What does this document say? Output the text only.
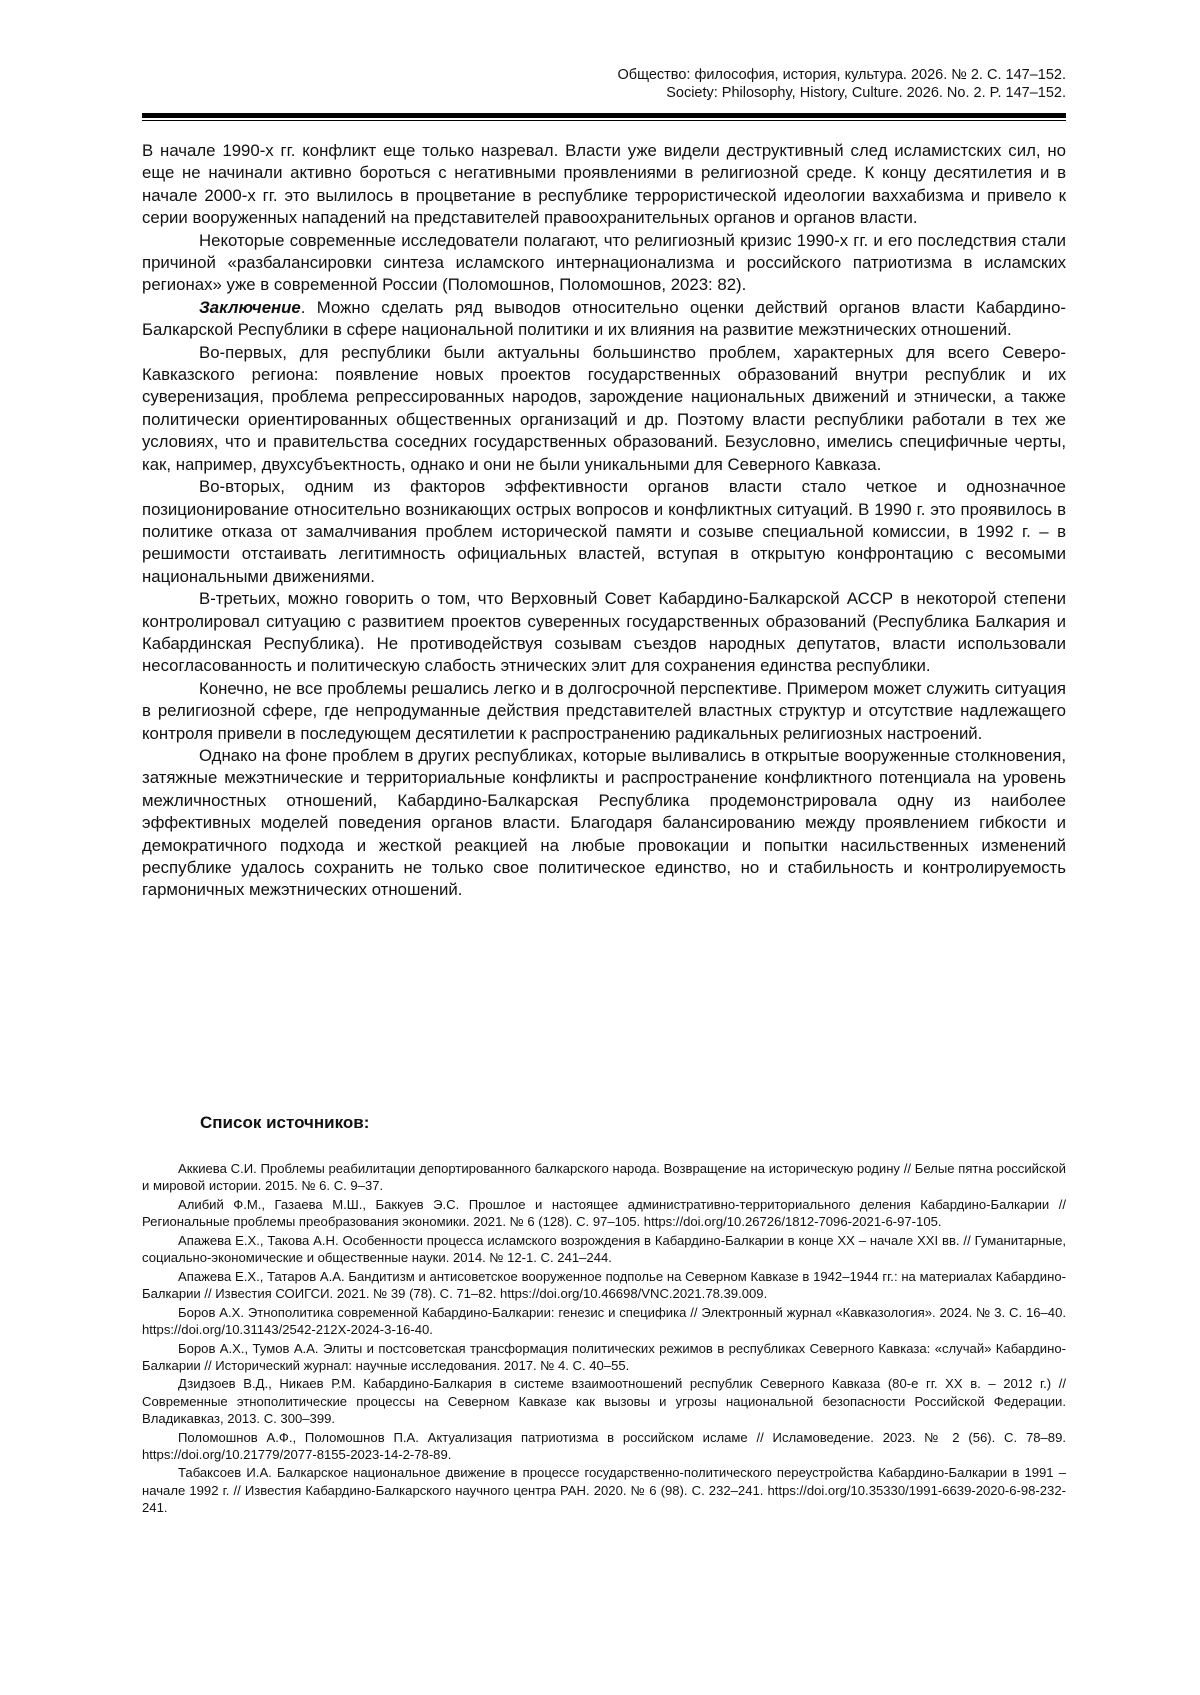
Общество: философия, история, культура. 2026. № 2. С. 147–152.
Society: Philosophy, History, Culture. 2026. No. 2. P. 147–152.

В начале 1990-х гг. конфликт еще только назревал. Власти уже видели деструктивный след исламистских сил, но еще не начинали активно бороться с негативными проявлениями в религиозной среде. К концу десятилетия и в начале 2000-х гг. это вылилось в процветание в республике террористической идеологии ваххабизма и привело к серии вооруженных нападений на представителей правоохранительных органов и органов власти.

Некоторые современные исследователи полагают, что религиозный кризис 1990-х гг. и его последствия стали причиной «разбалансировки синтеза исламского интернационализма и российского патриотизма в исламских регионах» уже в современной России (Поломошнов, Поломошнов, 2023: 82).

Заключение. Можно сделать ряд выводов относительно оценки действий органов власти Кабардино-Балкарской Республики в сфере национальной политики и их влияния на развитие межэтнических отношений.

Во-первых, для республики были актуальны большинство проблем, характерных для всего Северо-Кавказского региона: появление новых проектов государственных образований внутри республик и их суверенизация, проблема репрессированных народов, зарождение национальных движений и этнически, а также политически ориентированных общественных организаций и др. Поэтому власти республики работали в тех же условиях, что и правительства соседних государственных образований. Безусловно, имелись специфичные черты, как, например, двухсубъектность, однако и они не были уникальными для Северного Кавказа.

Во-вторых, одним из факторов эффективности органов власти стало четкое и однозначное позиционирование относительно возникающих острых вопросов и конфликтных ситуаций. В 1990 г. это проявилось в политике отказа от замалчивания проблем исторической памяти и созыве специальной комиссии, в 1992 г. – в решимости отстаивать легитимность официальных властей, вступая в открытую конфронтацию с весомыми национальными движениями.

В-третьих, можно говорить о том, что Верховный Совет Кабардино-Балкарской АССР в некоторой степени контролировал ситуацию с развитием проектов суверенных государственных образований (Республика Балкария и Кабардинская Республика). Не противодействуя созывам съездов народных депутатов, власти использовали несогласованность и политическую слабость этнических элит для сохранения единства республики.

Конечно, не все проблемы решались легко и в долгосрочной перспективе. Примером может служить ситуация в религиозной сфере, где непродуманные действия представителей властных структур и отсутствие надлежащего контроля привели в последующем десятилетии к распространению радикальных религиозных настроений.

Однако на фоне проблем в других республиках, которые выливались в открытые вооруженные столкновения, затяжные межэтнические и территориальные конфликты и распространение конфликтного потенциала на уровень межличностных отношений, Кабардино-Балкарская Республика продемонстрировала одну из наиболее эффективных моделей поведения органов власти. Благодаря балансированию между проявлением гибкости и демократичного подхода и жесткой реакцией на любые провокации и попытки насильственных изменений республике удалось сохранить не только свое политическое единство, но и стабильность и контролируемость гармоничных межэтнических отношений.

Список источников:

Аккиева С.И. Проблемы реабилитации депортированного балкарского народа. Возвращение на историческую родину // Белые пятна российской и мировой истории. 2015. № 6. С. 9–37.

Алибий Ф.М., Газаева М.Ш., Баккуев Э.С. Прошлое и настоящее административно-территориального деления Кабардино-Балкарии // Региональные проблемы преобразования экономики. 2021. № 6 (128). С. 97–105. https://doi.org/10.26726/1812-7096-2021-6-97-105.

Апажева Е.Х., Такова А.Н. Особенности процесса исламского возрождения в Кабардино-Балкарии в конце XX – начале XXI вв. // Гуманитарные, социально-экономические и общественные науки. 2014. № 12-1. С. 241–244.

Апажева Е.Х., Татаров А.А. Бандитизм и антисоветское вооруженное подполье на Северном Кавказе в 1942–1944 гг.: на материалах Кабардино-Балкарии // Известия СОИГСИ. 2021. № 39 (78). С. 71–82. https://doi.org/10.46698/VNC.2021.78.39.009.

Боров А.Х. Этнополитика современной Кабардино-Балкарии: генезис и специфика // Электронный журнал «Кавказология». 2024. № 3. С. 16–40. https://doi.org/10.31143/2542-212X-2024-3-16-40.

Боров А.Х., Тумов А.А. Элиты и постсоветская трансформация политических режимов в республиках Северного Кавказа: «случай» Кабардино-Балкарии // Исторический журнал: научные исследования. 2017. № 4. С. 40–55.

Дзидзоев В.Д., Никаев Р.М. Кабардино-Балкария в системе взаимоотношений республик Северного Кавказа (80-е гг. XX в. – 2012 г.) // Современные этнополитические процессы на Северном Кавказе как вызовы и угрозы национальной безопасности Российской Федерации. Владикавказ, 2013. С. 300–399.

Поломошнов А.Ф., Поломошнов П.А. Актуализация патриотизма в российском исламе // Исламоведение. 2023. № 2 (56). С. 78–89. https://doi.org/10.21779/2077-8155-2023-14-2-78-89.

Табаксоев И.А. Балкарское национальное движение в процессе государственно-политического переустройства Кабардино-Балкарии в 1991 – начале 1992 г. // Известия Кабардино-Балкарского научного центра РАН. 2020. № 6 (98). С. 232–241. https://doi.org/10.35330/1991-6639-2020-6-98-232-241.
